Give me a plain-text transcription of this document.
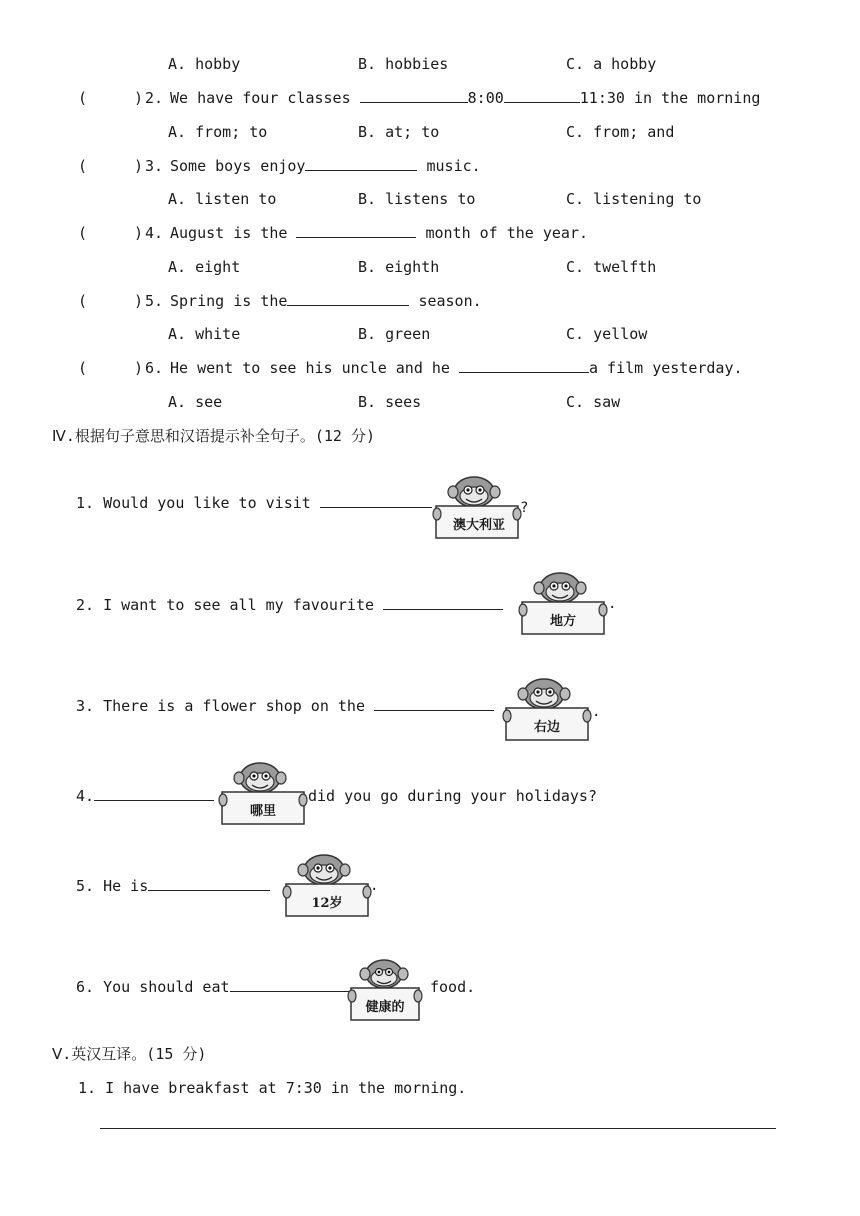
A. hobby	B. hobbies	C. a hobby
(	) 2. We have four classes	8:00	11:30 in the morning
A. from; to	B. at; to	C. from; and
(	) 3. Some boys enjoy	music.
A. listen to	B. listens to	C. listening to
(	) 4. August is the	month of the year.
A. eight	B. eighth	C. twelfth
(	) 5. Spring is the	season.
A. white	B. green	C. yellow
(	) 6. He went to see his uncle and he	a film yesterday.
A. see	B. sees	C. saw
Ⅳ.根据句子意思和汉语提示补全句子。(12 分)
1. Would you like to visit
澳大利亚
?
2. I want to see all my favourite
地方
.
3. There is a flower shop on the
右边
.
4.
哪里
did you go during your holidays?
5. He is
12岁
.
6. You should eat
健康的
food.
Ⅴ.英汉互译。(15 分)
1. I have breakfast at 7:30 in the morning.
